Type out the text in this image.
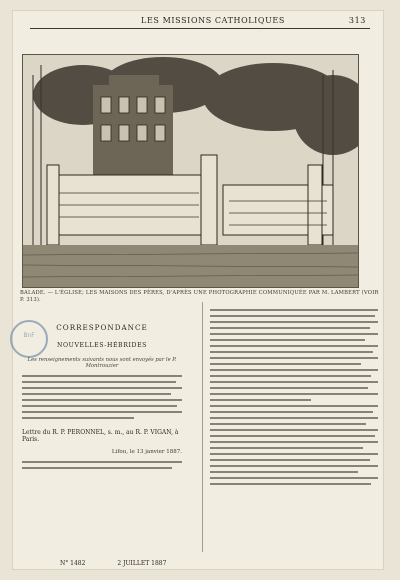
LES MISSIONS CATHOLIQUES	313
BALADE. — L'ÉGLISE; LES MAISONS DES PÈRES, D'APRÈS UNE PHOTOGRAPHIE COMMUNIQUÉE PAR M. LAMBERT (VOIR P. 313).
BnF
CORRESPONDANCE
NOUVELLES-HÉBRIDES
Les renseignements suivants nous sont envoyés par le P. Montrouzier
Lettre du R. P. PERONNEL, s. m., au R. P. VIGAN, à Paris.
Lifou, le 13 janvier 1887.
N° 1482	2 JUILLET 1887
